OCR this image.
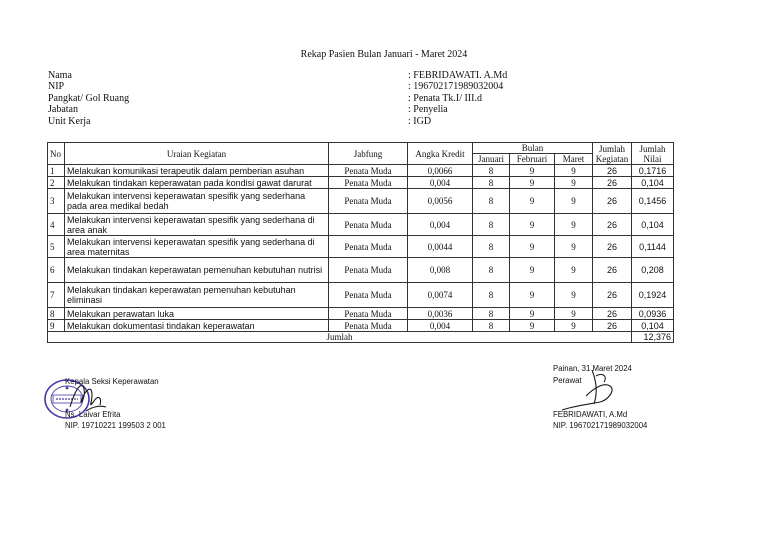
Rekap Pasien Bulan Januari - Maret 2024
Nama	: FEBRIDAWATI. A.Md
NIP	: 196702171989032004
Pangkat/ Gol Ruang	: Penata Tk.I/ III.d
Jabatan	: Penyelia
Unit Kerja	: IGD
No	Uraian Kegiatan	Jabfung	Angka Kredit	Bulan			Jumlah Kegiatan	Jumlah Nilai
				Januari	Februari	Maret		
1	Melakukan komunikasi terapeutik dalam pemberian asuhan	Penata Muda	0,0066	8	9	9	26	0,1716
2	Melakukan tindakan keperawatan pada kondisi gawat darurat	Penata Muda	0,004	8	9	9	26	0,104
3	Melakukan intervensi keperawatan spesifik yang sederhana pada area medikal bedah	Penata Muda	0,0056	8	9	9	26	0,1456
4	Melakukan intervensi keperawatan spesifik yang sederhana di area anak	Penata Muda	0,004	8	9	9	26	0,104
5	Melakukan intervensi keperawatan spesifik yang sederhana di area maternitas	Penata Muda	0,0044	8	9	9	26	0,1144
6	Melakukan tindakan keperawatan pemenuhan kebutuhan nutrisi	Penata Muda	0,008	8	9	9	26	0,208
7	Melakukan tindakan keperawatan pemenuhan kebutuhan eliminasi	Penata Muda	0,0074	8	9	9	26	0,1924
8	Melakukan perawatan luka	Penata Muda	0,0036	8	9	9	26	0,0936
9	Melakukan dokumentasi tindakan keperawatan	Penata Muda	0,004	8	9	9	26	0,104
Jumlah								12,376
Kepala Seksi Keperawatan
Ns. Laivar Efrita
NIP. 19710221 199503 2 001
Painan, 31 Maret 2024
Perawat
FEBRIDAWATI, A.Md
NIP. 196702171989032004
